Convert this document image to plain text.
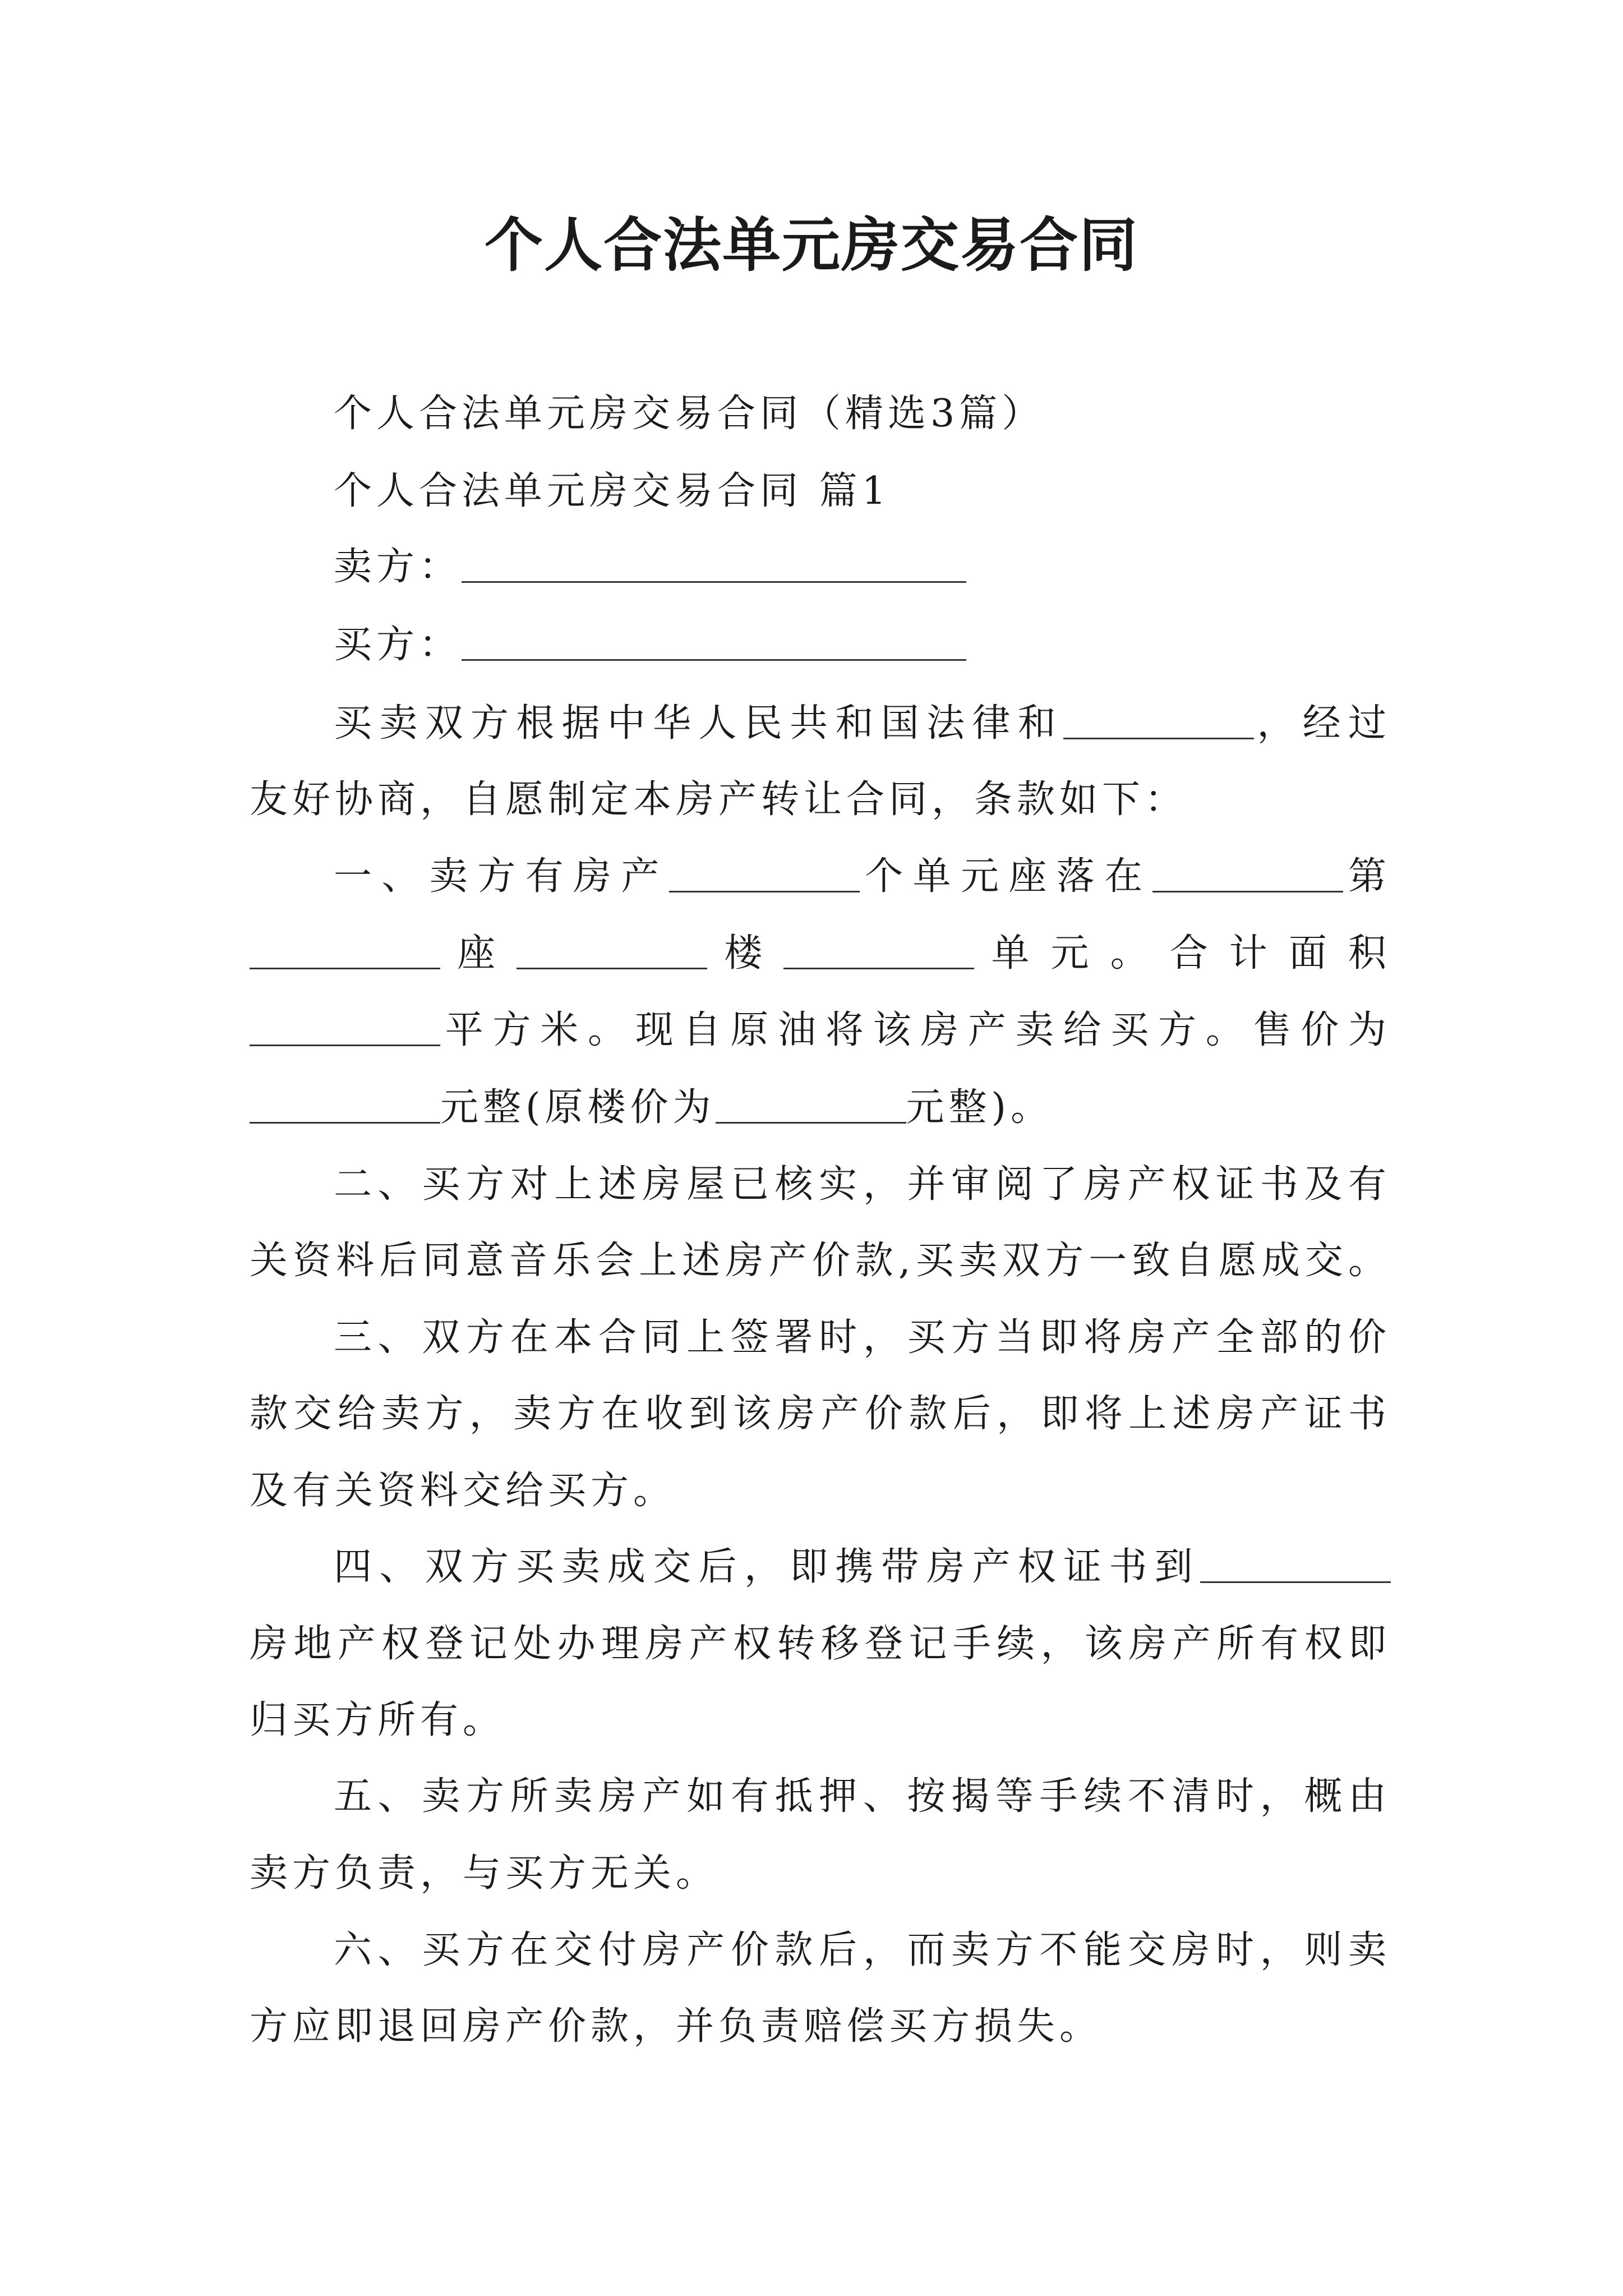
个人合法单元房交易合同
个人合法单元房交易合同（精选3篇）
个人合法单元房交易合同 篇1
卖方：
买方：
买卖双方根据中华人民共和国法律和	，经过
友好协商，自愿制定本房产转让合同，条款如下：
一、卖方有房产	个单元座落在	第
座	楼	单元。合计面积
平方米。现自原油将该房产卖给买方。售价为
元整(原楼价为	元整)。
二、买方对上述房屋已核实，并审阅了房产权证书及有
关资料后同意音乐会上述房产价款,买卖双方一致自愿成交。
三、双方在本合同上签署时，买方当即将房产全部的价
款交给卖方，卖方在收到该房产价款后，即将上述房产证书
及有关资料交给买方。
四、双方买卖成交后，即携带房产权证书到
房地产权登记处办理房产权转移登记手续，该房产所有权即
归买方所有。
五、卖方所卖房产如有抵押、按揭等手续不清时，概由
卖方负责，与买方无关。
六、买方在交付房产价款后，而卖方不能交房时，则卖
方应即退回房产价款，并负责赔偿买方损失。
